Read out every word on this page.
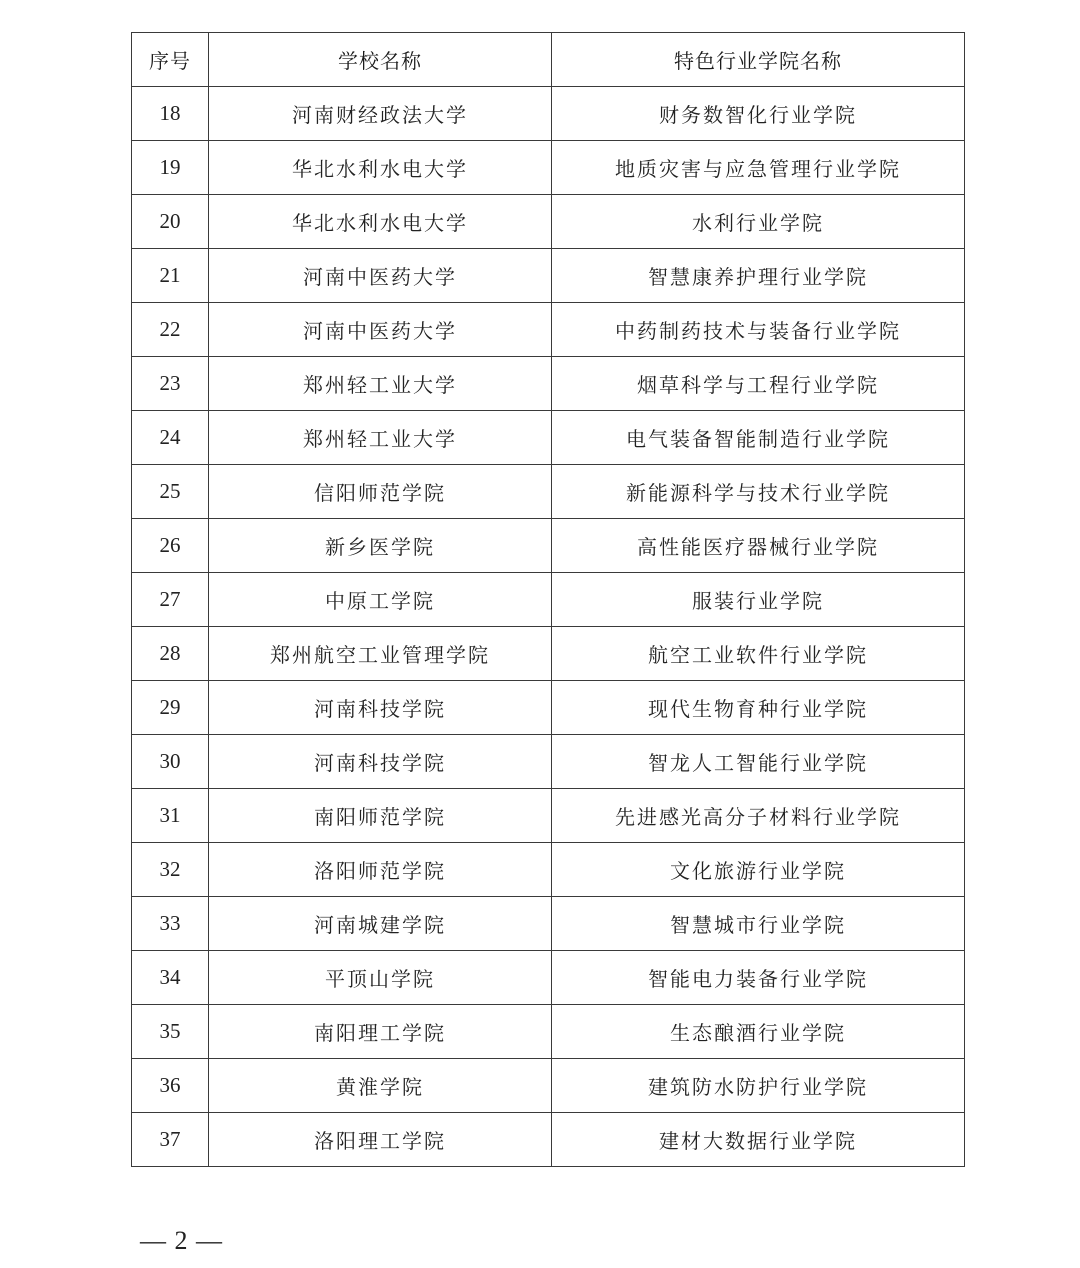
序号	学校名称	特色行业学院名称
18	河南财经政法大学	财务数智化行业学院
19	华北水利水电大学	地质灾害与应急管理行业学院
20	华北水利水电大学	水利行业学院
21	河南中医药大学	智慧康养护理行业学院
22	河南中医药大学	中药制药技术与装备行业学院
23	郑州轻工业大学	烟草科学与工程行业学院
24	郑州轻工业大学	电气装备智能制造行业学院
25	信阳师范学院	新能源科学与技术行业学院
26	新乡医学院	高性能医疗器械行业学院
27	中原工学院	服装行业学院
28	郑州航空工业管理学院	航空工业软件行业学院
29	河南科技学院	现代生物育种行业学院
30	河南科技学院	智龙人工智能行业学院
31	南阳师范学院	先进感光高分子材料行业学院
32	洛阳师范学院	文化旅游行业学院
33	河南城建学院	智慧城市行业学院
34	平顶山学院	智能电力装备行业学院
35	南阳理工学院	生态酿酒行业学院
36	黄淮学院	建筑防水防护行业学院
37	洛阳理工学院	建材大数据行业学院
— 2 —
